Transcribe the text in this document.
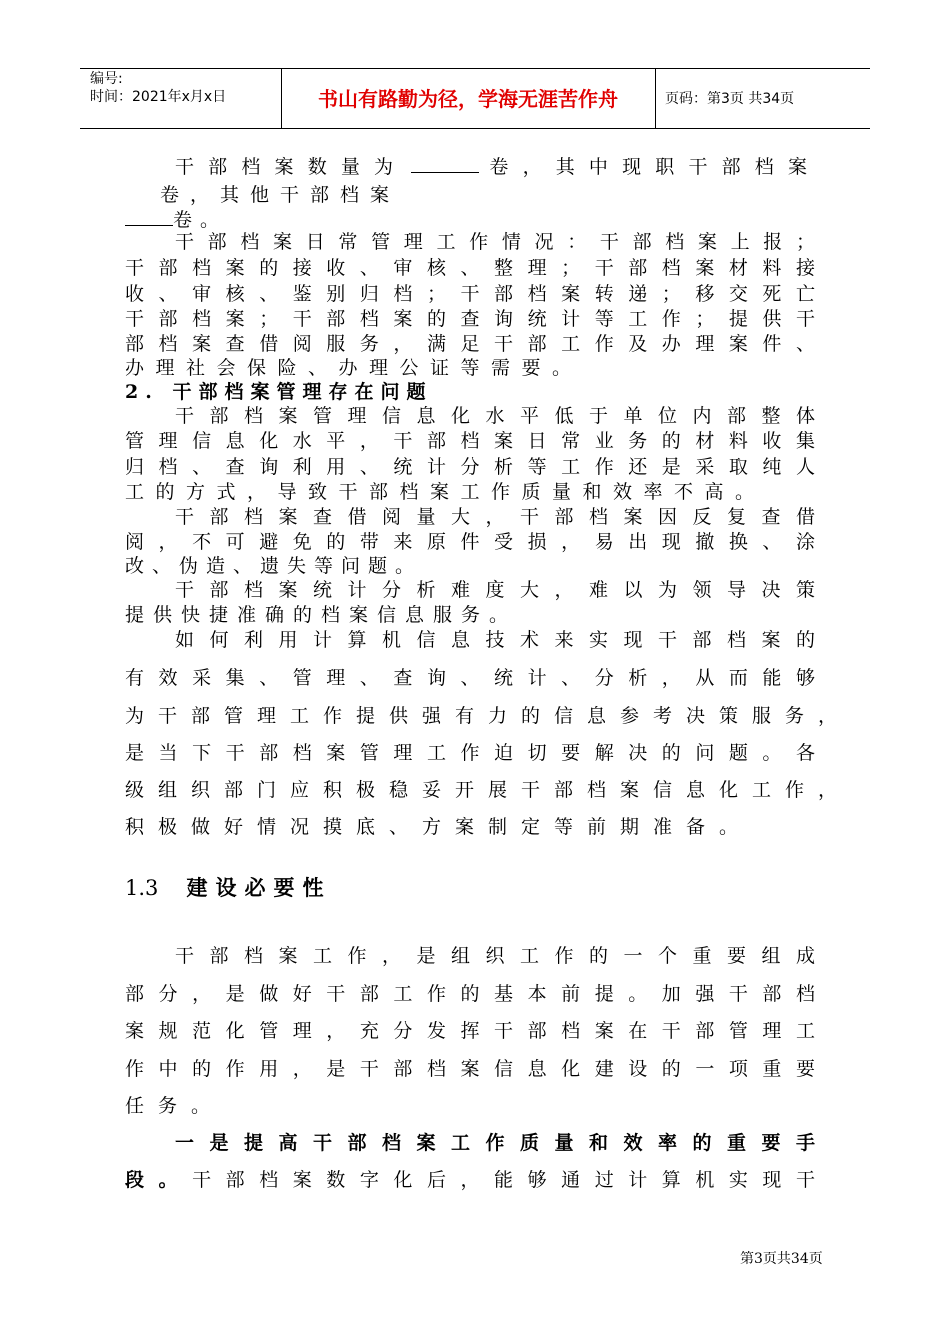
编号:
时间：2021年x月x日	书山有路勤为径，学海无涯苦作舟	页码：第3页 共34页
干部档案数量为	卷，其中现职干部档案
卷，其他干部档案
卷。
干部档案日常管理工作情况：干部档案上报；
干部档案的接收、审核、整理；干部档案材料接
收、审核、鉴别归档；干部档案转递；移交死亡
干部档案；干部档案的查询统计等工作；提供干
部档案查借阅服务，满足干部工作及办理案件、
办理社会保险、办理公证等需要。
2. 干部档案管理存在问题
干部档案管理信息化水平低于单位内部整体
管理信息化水平，干部档案日常业务的材料收集
归档、查询利用、统计分析等工作还是采取纯人
工的方式，导致干部档案工作质量和效率不高。
干部档案查借阅量大，干部档案因反复查借
阅，不可避免的带来原件受损，易出现撤换、涂
改、伪造、遗失等问题。
干部档案统计分析难度大，难以为领导决策
提供快捷准确的档案信息服务。
如何利用计算机信息技术来实现干部档案的
有效采集、管理、查询、统计、分析，从而能够
为干部管理工作提供强有力的信息参考决策服务，
是当下干部档案管理工作迫切要解决的问题。各
级组织部门应积极稳妥开展干部档案信息化工作，
积极做好情况摸底、方案制定等前期准备。
1.3 建设必要性
干部档案工作，是组织工作的一个重要组成
部分，是做好干部工作的基本前提。加强干部档
案规范化管理，充分发挥干部档案在干部管理工
作中的作用，是干部档案信息化建设的一项重要
任务。
一是提高干部档案工作质量和效率的重要手
段。干部档案数字化后，能够通过计算机实现干
第3页共34页
